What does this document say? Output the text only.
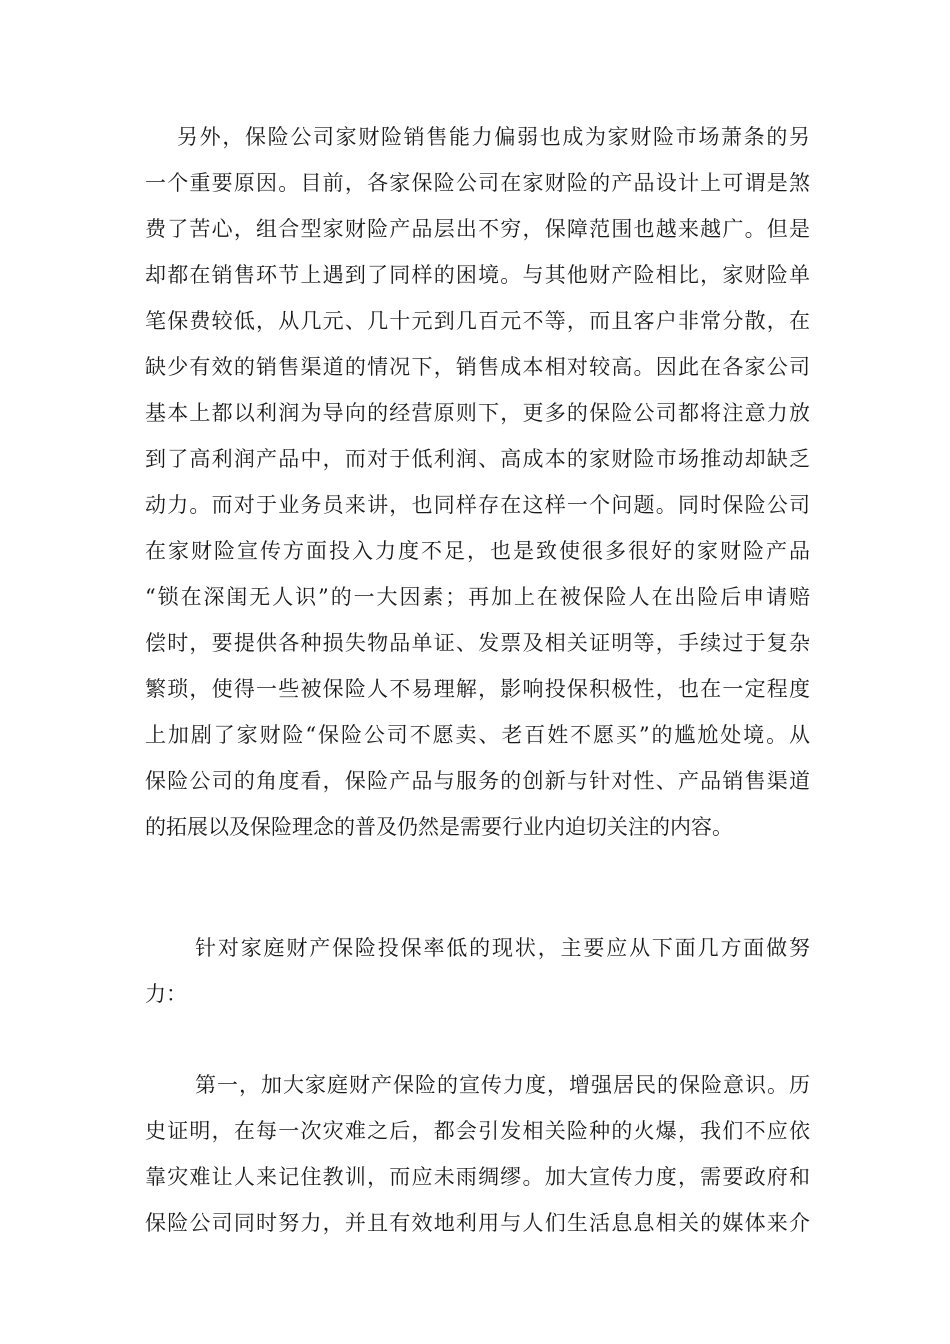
另外，保险公司家财险销售能力偏弱也成为家财险市场萧条的另
一个重要原因。目前，各家保险公司在家财险的产品设计上可谓是煞
费了苦心，组合型家财险产品层出不穷，保障范围也越来越广。但是
却都在销售环节上遇到了同样的困境。与其他财产险相比，家财险单
笔保费较低，从几元、几十元到几百元不等，而且客户非常分散，在
缺少有效的销售渠道的情况下，销售成本相对较高。因此在各家公司
基本上都以利润为导向的经营原则下，更多的保险公司都将注意力放
到了高利润产品中，而对于低利润、高成本的家财险市场推动却缺乏
动力。而对于业务员来讲，也同样存在这样一个问题。同时保险公司
在家财险宣传方面投入力度不足，也是致使很多很好的家财险产品
“锁在深闺无人识”的一大因素；再加上在被保险人在出险后申请赔
偿时，要提供各种损失物品单证、发票及相关证明等，手续过于复杂
繁琐，使得一些被保险人不易理解，影响投保积极性，也在一定程度
上加剧了家财险“保险公司不愿卖、老百姓不愿买”的尴尬处境。从
保险公司的角度看，保险产品与服务的创新与针对性、产品销售渠道
的拓展以及保险理念的普及仍然是需要行业内迫切关注的内容。

针对家庭财产保险投保率低的现状，主要应从下面几方面做努
力：

第一，加大家庭财产保险的宣传力度，增强居民的保险意识。历
史证明，在每一次灾难之后，都会引发相关险种的火爆，我们不应依
靠灾难让人来记住教训，而应未雨绸缪。加大宣传力度，需要政府和
保险公司同时努力，并且有效地利用与人们生活息息相关的媒体来介
